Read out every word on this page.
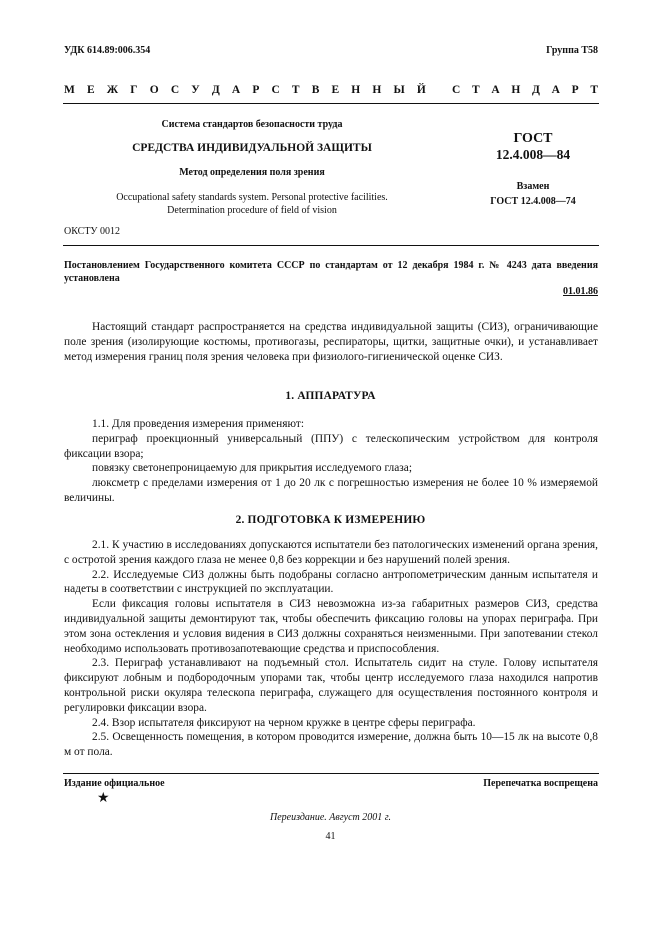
УДК 614.89:006.354	Группа Т58
М Е Ж Г О С У Д А Р С Т В Е Н Н Ы Й С Т А Н Д А Р Т
Система стандартов безопасности труда
СРЕДСТВА ИНДИВИДУАЛЬНОЙ ЗАЩИТЫ
Метод определения поля зрения
Occupational safety standards system. Personal protective facilities.
Determination procedure of field of vision
ГОСТ
12.4.008—84
Взамен
ГОСТ 12.4.008—74
ОКСТУ 0012
Постановлением Государственного комитета СССР по стандартам от 12 декабря 1984 г. № 4243 дата введения установлена
01.01.86

Настоящий стандарт распространяется на средства индивидуальной защиты (СИЗ), ограничивающие поле зрения (изолирующие костюмы, противогазы, респираторы, щитки, защитные очки), и устанавливает метод измерения границ поля зрения человека при физиолого-гигиенической оценке СИЗ.

1. АППАРАТУРА

1.1. Для проведения измерения применяют:

периграф проекционный универсальный (ППУ) с телескопическим устройством для контроля фиксации взора;

повязку светонепроницаемую для прикрытия исследуемого глаза;

люксметр с пределами измерения от 1 до 20 лк с погрешностью измерения не более 10 % измеряемой величины.

2. ПОДГОТОВКА К ИЗМЕРЕНИЮ

2.1. К участию в исследованиях допускаются испытатели без патологических изменений органа зрения, с остротой зрения каждого глаза не менее 0,8 без коррекции и без нарушений полей зрения.

2.2. Исследуемые СИЗ должны быть подобраны согласно антропометрическим данным испытателя и надеты в соответствии с инструкцией по эксплуатации.

Если фиксация головы испытателя в СИЗ невозможна из-за габаритных размеров СИЗ, средства индивидуальной защиты демонтируют так, чтобы обеспечить фиксацию головы на упорах периграфа. При этом зона остекления и условия видения в СИЗ должны сохраняться неизменными. При запотевании стекол необходимо использовать противозапотевающие средства и приспособления.

2.3. Периграф устанавливают на подъемный стол. Испытатель сидит на стуле. Голову испытателя фиксируют лобным и подбородочным упорами так, чтобы центр исследуемого глаза находился напротив контрольной риски окуляра телескопа периграфа, служащего для осуществления постоянного контроля и регулировки фиксации взора.

2.4. Взор испытателя фиксируют на черном кружке в центре сферы периграфа.

2.5. Освещенность помещения, в котором проводится измерение, должна быть 10—15 лк на высоте 0,8 м от пола.

Издание официальное	Перепечатка воспрещена
★
Переиздание. Август 2001 г.
41
